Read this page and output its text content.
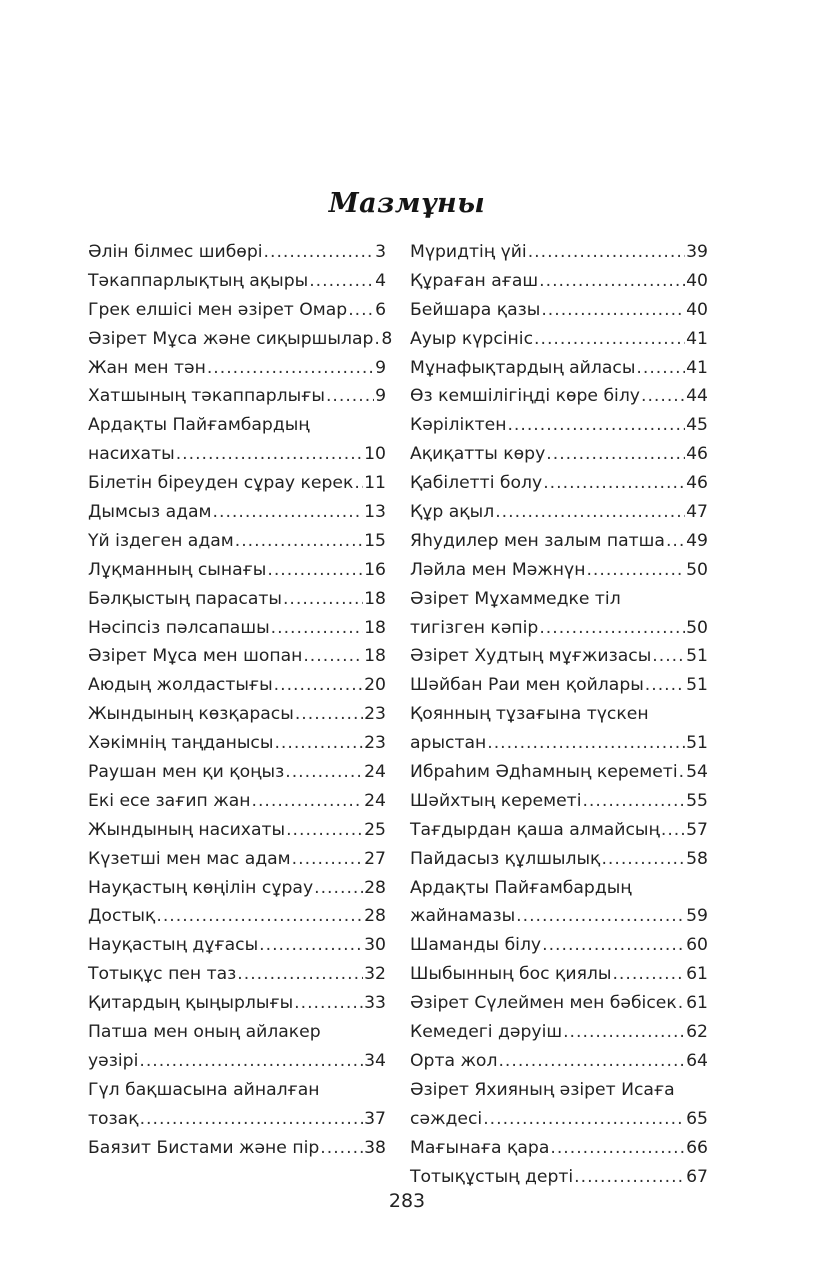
Мазмұны
Әлін білмес шибөрі .....	3
Тәкаппарлықтың ақыры .....	4
Грек елшісі мен әзірет Омар ..... 6
Әзірет Мұса және сиқыршылар ..... 8
Жан мен тән .....	9
Хатшының тәкаппарлығы .....	9
Ардақты Пайғамбардың
насихаты .....	10
Білетін біреуден сұрау керек ..... 11
Дымсыз адам .....	13
Үй іздеген адам .....	15
Лұқманның сынағы .....	16
Бәлқыстың парасаты .....	18
Нәсіпсіз пәлсапашы .....	18
Әзірет Мұса мен шопан .....	18
Аюдың жолдастығы .....	20
Жындының көзқарасы .....	23
Хәкімнің таңданысы .....	23
Раушан мен қи қоңыз .....	24
Екі есе зағип жан .....	24
Жындының насихаты .....	25
Күзетші мен мас адам .....	27
Науқастың көңілін сұрау .....	28
Достық .....	28
Науқастың дұғасы .....	30
Тотықұс пен таз .....	32
Қитардың қыңырлығы .....	33
Патша мен оның айлакер
уәзірі .....	34
Гүл бақшасына айналған
тозақ .....	37
Баязит Бистами және пір .....	38
Мүридтің үйі .....	39
Құраған ағаш .....	40
Бейшара қазы .....	40
Ауыр күрсініс .....	41
Мұнафықтардың айласы .....	41
Өз кемшілігіңді көре білу .....	44
Кәріліктен .....	45
Ақиқатты көру .....	46
Қабілетті болу .....	46
Құр ақыл .....	47
Яһудилер мен залым патша ..... 49
Ләйла мен Мәжнүн .....	50
Әзірет Мұхаммедке тіл
тигізген кәпір .....	50
Әзірет Худтың мұғжизасы ..... 51
Шәйбан Раи мен қойлары ..... 51
Қоянның тұзағына түскен
арыстан .....	51
Ибраһим Әдһамның кереметі ..... 54
Шәйхтың кереметі .....	55
Тағдырдан қаша алмайсың ..... 57
Пайдасыз құлшылық .....	58
Ардақты Пайғамбардың
жайнамазы .....	59
Шаманды білу .....	60
Шыбынның бос қиялы .....	61
Әзірет Сүлеймен мен бәбісек ..... 61
Кемедегі дәруіш .....	62
Орта жол .....	64
Әзірет Яхияның әзірет Исаға
сәждесі .....	65
Мағынаға қара .....	66
Тотықұстың дерті .....	67
283
